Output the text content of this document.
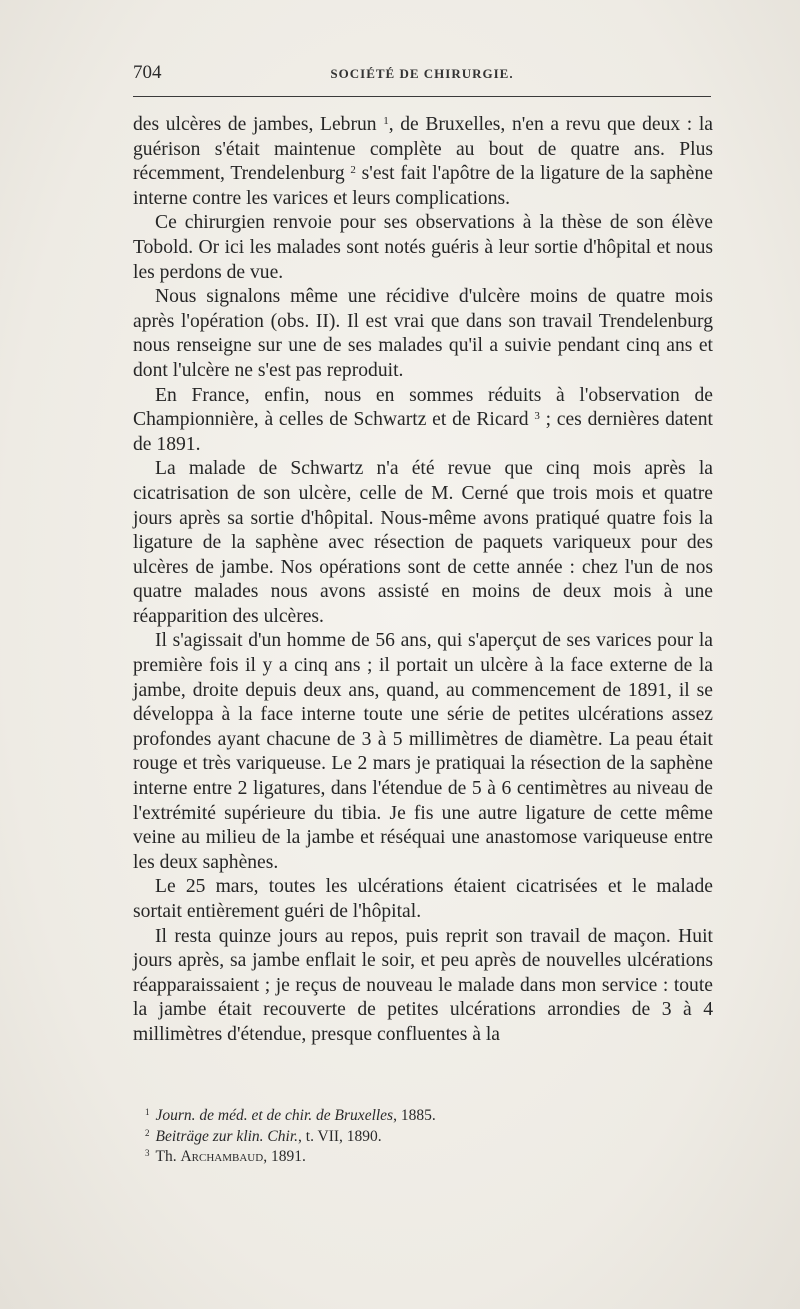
704	SOCIÉTÉ DE CHIRURGIE.

des ulcères de jambes, Lebrun $^1$, de Bruxelles, n'en a revu que deux : la guérison s'était maintenue complète au bout de quatre ans. Plus récemment, Trendelenburg $^2$ s'est fait l'apôtre de la ligature de la saphène interne contre les varices et leurs complications.

Ce chirurgien renvoie pour ses observations à la thèse de son élève Tobold. Or ici les malades sont notés guéris à leur sortie d'hôpital et nous les perdons de vue.

Nous signalons même une récidive d'ulcère moins de quatre mois après l'opération (obs. II). Il est vrai que dans son travail Trendelenburg nous renseigne sur une de ses malades qu'il a suivie pendant cinq ans et dont l'ulcère ne s'est pas reproduit.

En France, enfin, nous en sommes réduits à l'observation de Championnière, à celles de Schwartz et de Ricard $^3$ ; ces dernières datent de 1891.

La malade de Schwartz n'a été revue que cinq mois après la cicatrisation de son ulcère, celle de M. Cerné que trois mois et quatre jours après sa sortie d'hôpital. Nous-même avons pratiqué quatre fois la ligature de la saphène avec résection de paquets variqueux pour des ulcères de jambe. Nos opérations sont de cette année : chez l'un de nos quatre malades nous avons assisté en moins de deux mois à une réapparition des ulcères.

Il s'agissait d'un homme de 56 ans, qui s'aperçut de ses varices pour la première fois il y a cinq ans ; il portait un ulcère à la face externe de la jambe, droite depuis deux ans, quand, au commencement de 1891, il se développa à la face interne toute une série de petites ulcérations assez profondes ayant chacune de 3 à 5 millimètres de diamètre. La peau était rouge et très variqueuse. Le 2 mars je pratiquai la résection de la saphène interne entre 2 ligatures, dans l'étendue de 5 à 6 centimètres au niveau de l'extrémité supérieure du tibia. Je fis une autre ligature de cette même veine au milieu de la jambe et réséquai une anastomose variqueuse entre les deux saphènes.

Le 25 mars, toutes les ulcérations étaient cicatrisées et le malade sortait entièrement guéri de l'hôpital.

Il resta quinze jours au repos, puis reprit son travail de maçon. Huit jours après, sa jambe enflait le soir, et peu après de nouvelles ulcérations réapparaissaient ; je reçus de nouveau le malade dans mon service : toute la jambe était recouverte de petites ulcérations arrondies de 3 à 4 millimètres d'étendue, presque confluentes à la

$^1$ Journ. de méd. et de chir. de Bruxelles, 1885.
$^2$ Beiträge zur klin. Chir., t. VII, 1890.
$^3$ Th. Archambaud, 1891.
